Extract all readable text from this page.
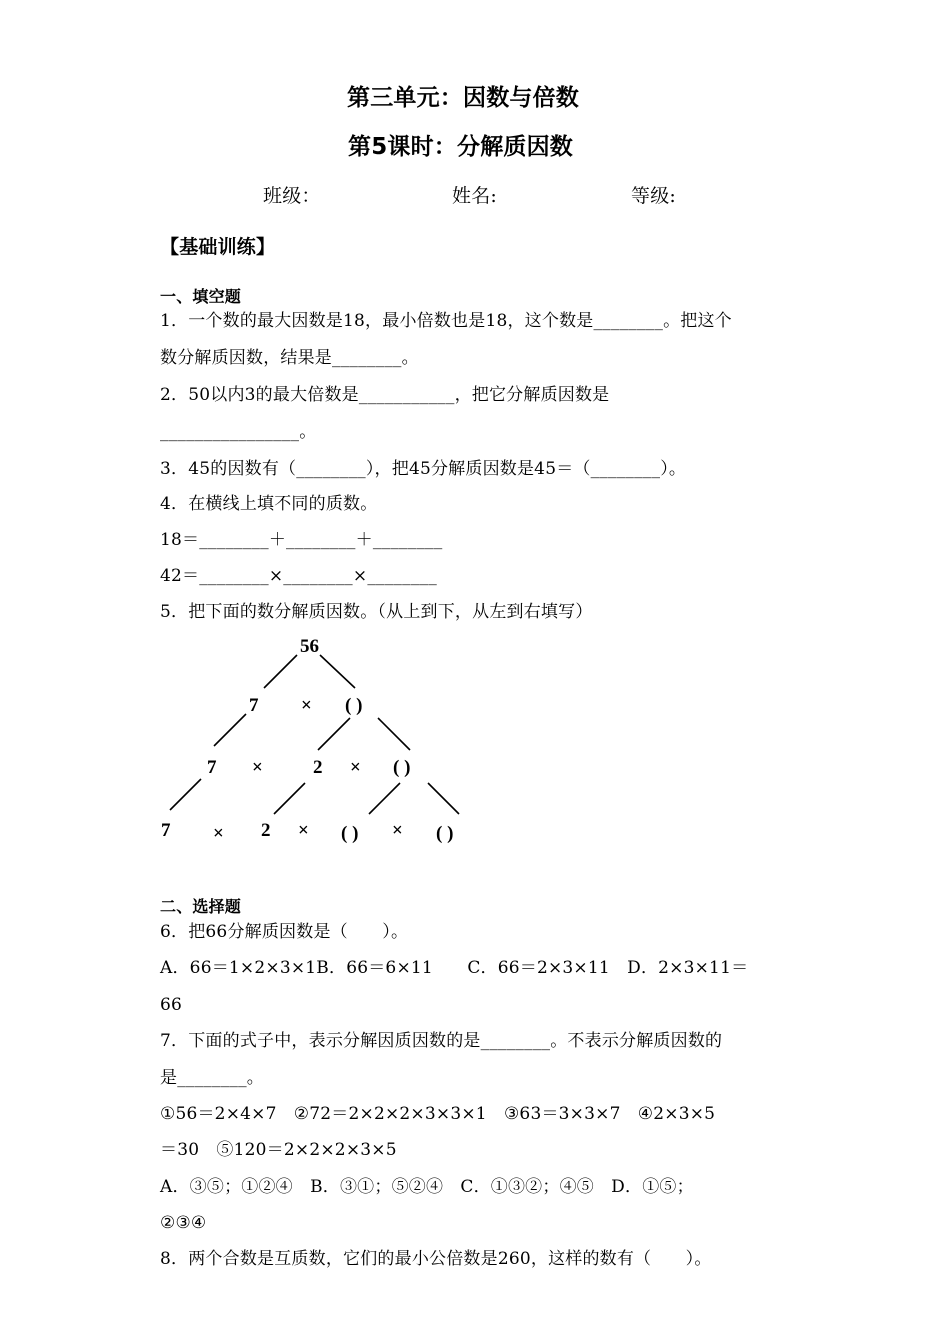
第三单元：因数与倍数
第5课时：分解质因数
班级：	姓名:	等级:
【基础训练】
一、填空题
1．一个数的最大因数是18，最小倍数也是18，这个数是________。把这个
数分解质因数，结果是________。
2．50以内3的最大倍数是___________，把它分解质因数是
________________。
3．45的因数有（________），把45分解质因数是45＝（________）。
4．在横线上填不同的质数。
18＝________＋________＋________
42＝________×________×________
5．把下面的数分解质因数。（从上到下，从左到右填写）
56
7 × ( )
7 ×	2 × ( )
7 × 2 × ( ) × ( )
二、选择题
6．把66分解质因数是（　　）。
A．66＝1×2×3×1B．66＝6×11　　C．66＝2×3×11　D．2×3×11＝
66
7．下面的式子中，表示分解因质因数的是________。不表示分解质因数的
是________。
①56＝2×4×7　②72＝2×2×2×3×3×1　③63＝3×3×7　④2×3×5
＝30　⑤120＝2×2×2×3×5
A．③⑤；①②④　B．③①；⑤②④　C．①③②；④⑤　D．①⑤；
②③④
8．两个合数是互质数，它们的最小公倍数是260，这样的数有（　　）。
